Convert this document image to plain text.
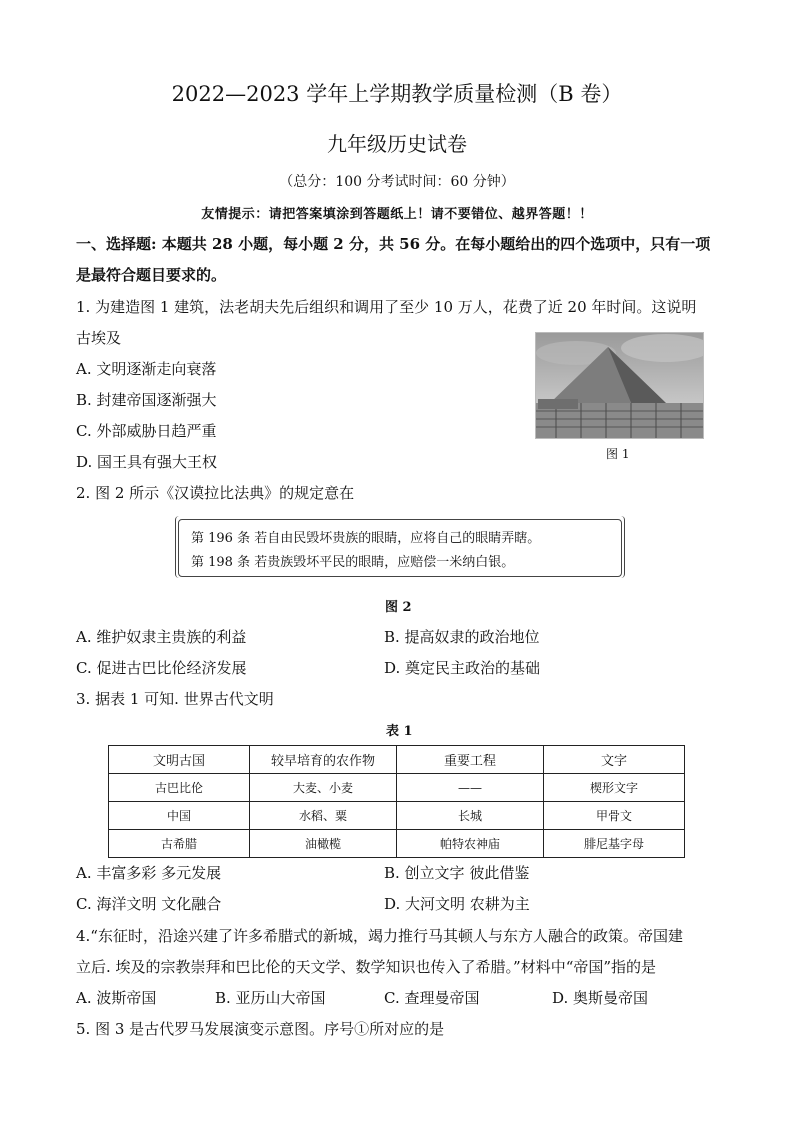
2022—2023 学年上学期教学质量检测（B 卷）
九年级历史试卷
（总分：100 分考试时间：60 分钟）
友情提示：请把答案填涂到答题纸上！请不要错位、越界答题！！
一、选择题: 本题共 28 小题，每小题 2 分，共 56 分。在每小题给出的四个选项中，只有一项
是最符合题目要求的。
1. 为建造图 1 建筑，法老胡夫先后组织和调用了至少 10 万人，花费了近 20 年时间。这说明
古埃及
A. 文明逐渐走向衰落
B. 封建帝国逐渐强大
C. 外部威胁日趋严重
D. 国王具有强大王权	图 1
2. 图 2 所示《汉谟拉比法典》的规定意在
第 196 条 若自由民毁坏贵族的眼睛，应将自己的眼睛弄瞎。
第 198 条 若贵族毁坏平民的眼睛，应赔偿一米纳白银。
图 2
A. 维护奴隶主贵族的利益	B. 提高奴隶的政治地位
C. 促进古巴比伦经济发展	D. 奠定民主政治的基础
3. 据表 1 可知. 世界古代文明
表 1
文明古国	较早培育的农作物	重要工程	文字
古巴比伦	大麦、小麦	——	楔形文字
中国	水稻、粟	长城	甲骨文
古希腊	油橄榄	帕特农神庙	腓尼基字母
A. 丰富多彩 多元发展	B. 创立文字 彼此借鉴
C. 海洋文明 文化融合	D. 大河文明 农耕为主
4.“东征时，沿途兴建了许多希腊式的新城，竭力推行马其顿人与东方人融合的政策。帝国建
立后. 埃及的宗教崇拜和巴比伦的天文学、数学知识也传入了希腊。”材料中“帝国”指的是
A. 波斯帝国	B. 亚历山大帝国	C. 查理曼帝国	D. 奥斯曼帝国
5. 图 3 是古代罗马发展演变示意图。序号①所对应的是
